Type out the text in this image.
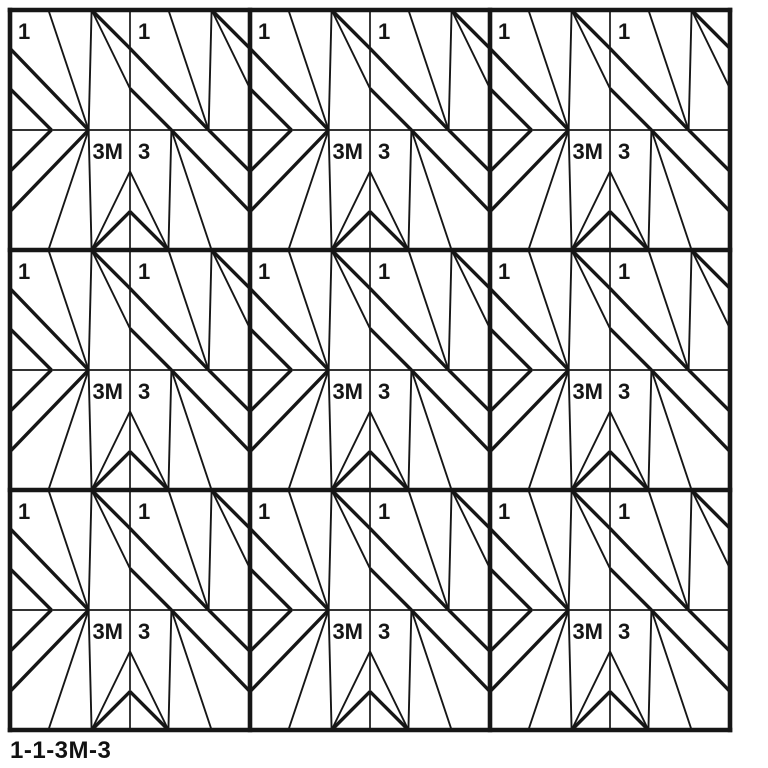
1	1
3M 3
1	1
3M 3
1	1
3M 3
1	1
3M 3
1	1
3M 3
1	1
3M 3
1	1
3M 3
1	1
3M 3
1	1
3M 3
1-1-3M-3
